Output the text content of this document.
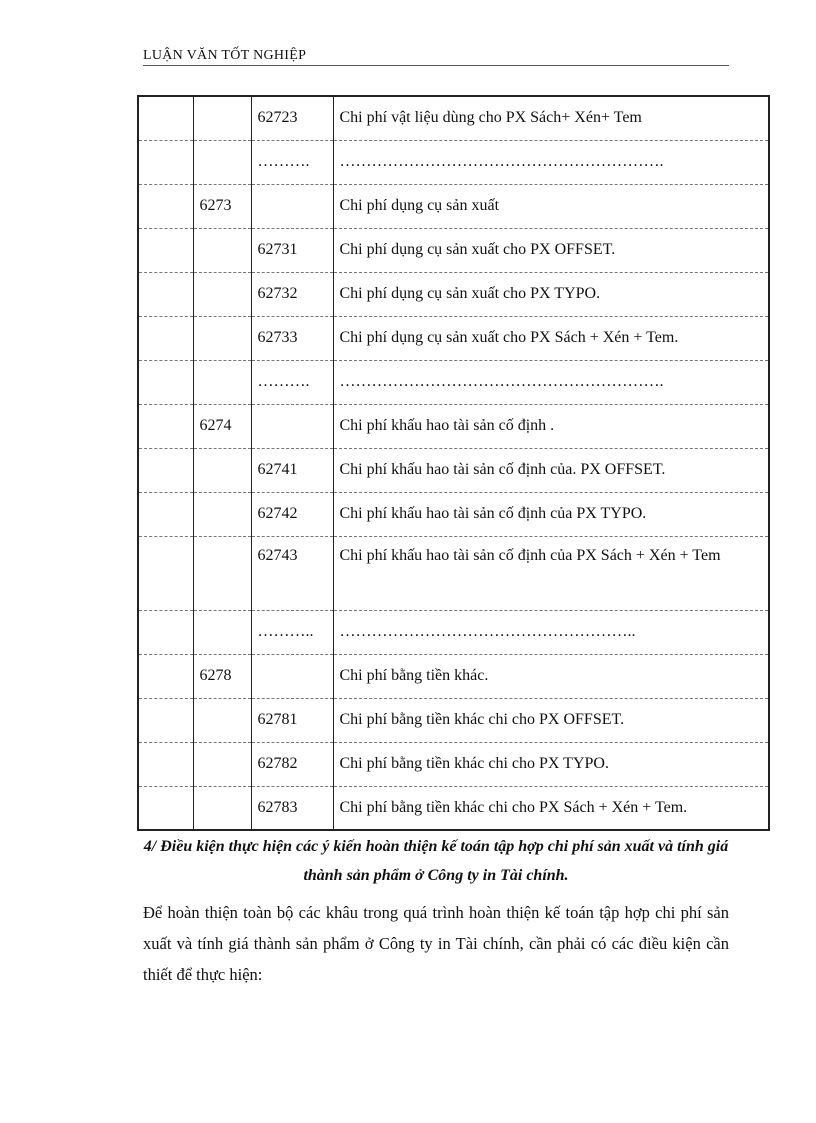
LUẬN VĂN TỐT NGHIỆP
		62723	Chi phí vật liệu dùng cho PX Sách+ Xén+ Tem
		……….	…………………………………………………….
	6273		Chi phí dụng cụ sản xuất
		62731	Chi phí dụng cụ sản xuất cho PX OFFSET.
		62732	Chi phí dụng cụ sản xuất cho PX TYPO.
		62733	Chi phí dụng cụ sản xuất cho PX Sách + Xén + Tem.
		……….	…………………………………………………….
	6274		Chi phí khấu hao tài sản cố định .
		62741	Chi phí khấu hao tài sản cố định của. PX OFFSET.
		62742	Chi phí khấu hao tài sản cố định của PX TYPO.
		62743	Chi phí khấu hao tài sản cố định của PX Sách + Xén + Tem
		………..	………………………………………………..
	6278		Chi phí bằng tiền khác.
		62781	Chi phí bằng tiền khác chi cho PX OFFSET.
		62782	Chi phí bằng tiền khác chi cho PX TYPO.
		62783	Chi phí bằng tiền khác chi cho PX Sách + Xén + Tem.
4/ Điều kiện thực hiện các ý kiến hoàn thiện kế toán tập hợp chi phí sản xuất và tính giá thành sản phẩm ở Công ty in Tài chính.
Để hoàn thiện toàn bộ các khâu trong quá trình hoàn thiện kế toán tập hợp chi phí sản xuất và tính giá thành sản phẩm ở Công ty in Tài chính, cần phải có các điều kiện cần thiết để thực hiện:
